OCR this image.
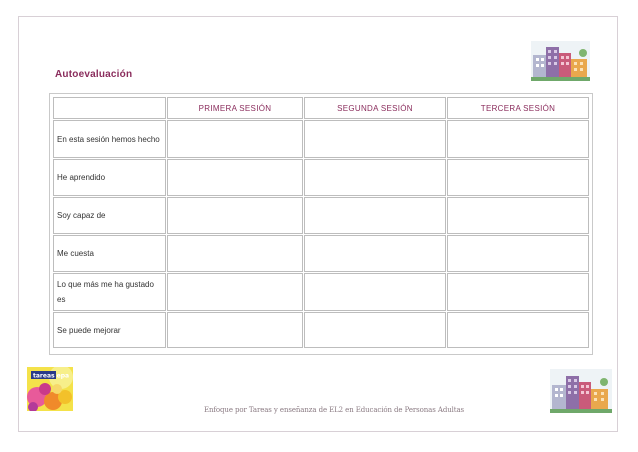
Autoevaluación
	PRIMERA SESIÓN	SEGUNDA SESIÓN	TERCERA SESIÓN
En esta sesión hemos hecho			
He aprendido			
Soy capaz de			
Me cuesta			
Lo que más me ha gustado es			
Se puede mejorar			
tareas epa
Enfoque por Tareas y enseñanza de EL2 en Educación de Personas Adultas
